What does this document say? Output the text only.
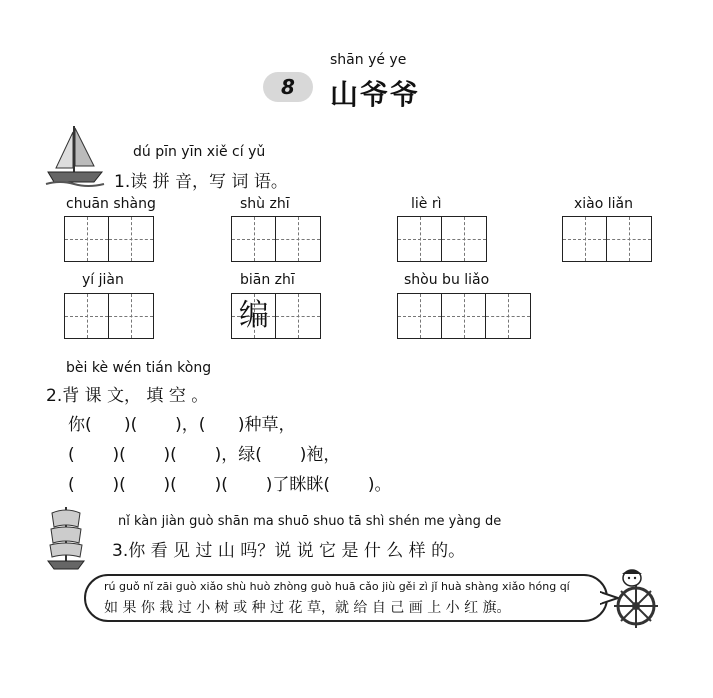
shān yé ye
8	山爷爷
dú pīn yīn xiě cí yǔ
1.读 拼 音，写 词 语。
chuān shàng	shù zhī	liè rì	xiào liǎn
yí jiàn	biān zhī
编
shòu bu liǎo
bèi kè wén tián kòng
2.背 课 文， 填 空 。
你(      )(       )，(      )种草，
(       )(       )(       )，绿(       )袍，
(       )(       )(       )(       )了眯眯(       )。
nǐ kàn jiàn guò shān ma shuō shuo tā shì shén me yàng de
3.你 看 见 过 山 吗？说 说 它 是 什 么 样 的。
rú guǒ nǐ zāi guò xiǎo shù huò zhòng guò huā cǎo jiù gěi zì jǐ huà shàng xiǎo hóng qí
如 果 你 栽 过 小 树 或 种 过 花 草，就 给 自 己 画 上 小 红 旗。
